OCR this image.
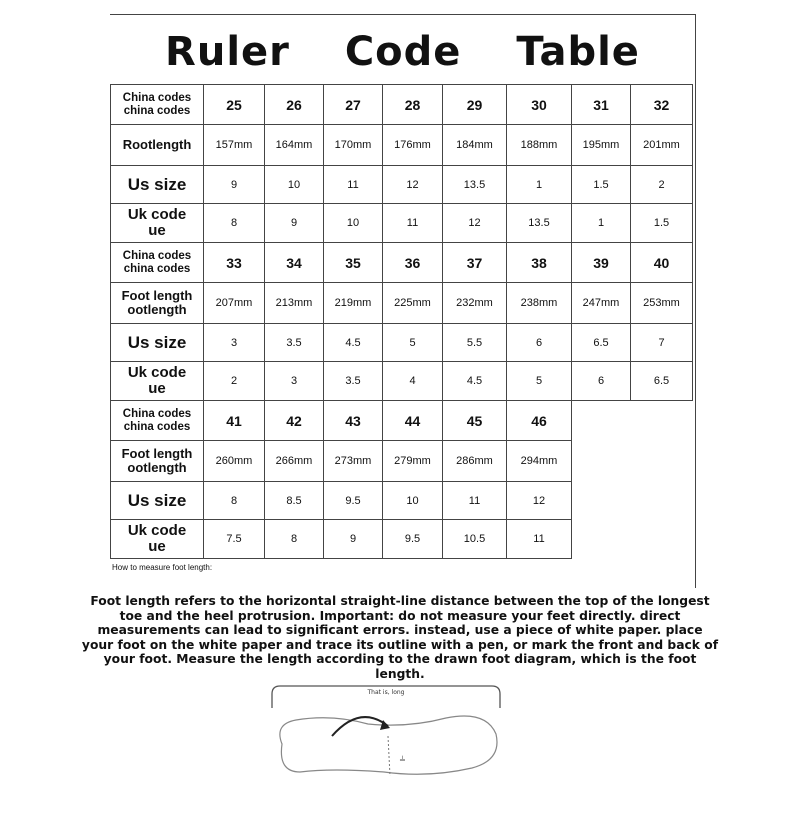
Ruler Code Table
China codes
china codes	25	26	27	28	29	30	31	32

Rootlength	157mm	164mm	170mm	176mm	184mm	188mm	195mm	201mm

Us size	9	10	11	12	13.5	1	1.5	2

Uk code
ue	8	9	10	11	12	13.5	1	1.5

China codes
china codes	33	34	35	36	37	38	39	40

Foot length
ootlength	207mm	213mm	219mm	225mm	232mm	238mm	247mm	253mm

Us size	3	3.5	4.5	5	5.5	6	6.5	7

Uk code
ue	2	3	3.5	4	4.5	5	6	6.5

China codes
china codes	41	42	43	44	45	46		

Foot length
ootlength	260mm	266mm	273mm	279mm	286mm	294mm		

Us size	8	8.5	9.5	10	11	12		

Uk code
ue	7.5	8	9	9.5	10.5	11		
How to measure foot length:
Foot length refers to the horizontal straight-line distance between the top of the longest toe and the heel protrusion. Important: do not measure your feet directly. direct measurements can lead to significant errors. instead, use a piece of white paper. place your foot on the white paper and trace its outline with a pen, or mark the front and back of your foot. Measure the length according to the drawn foot diagram, which is the foot length.
That is, long
╧
